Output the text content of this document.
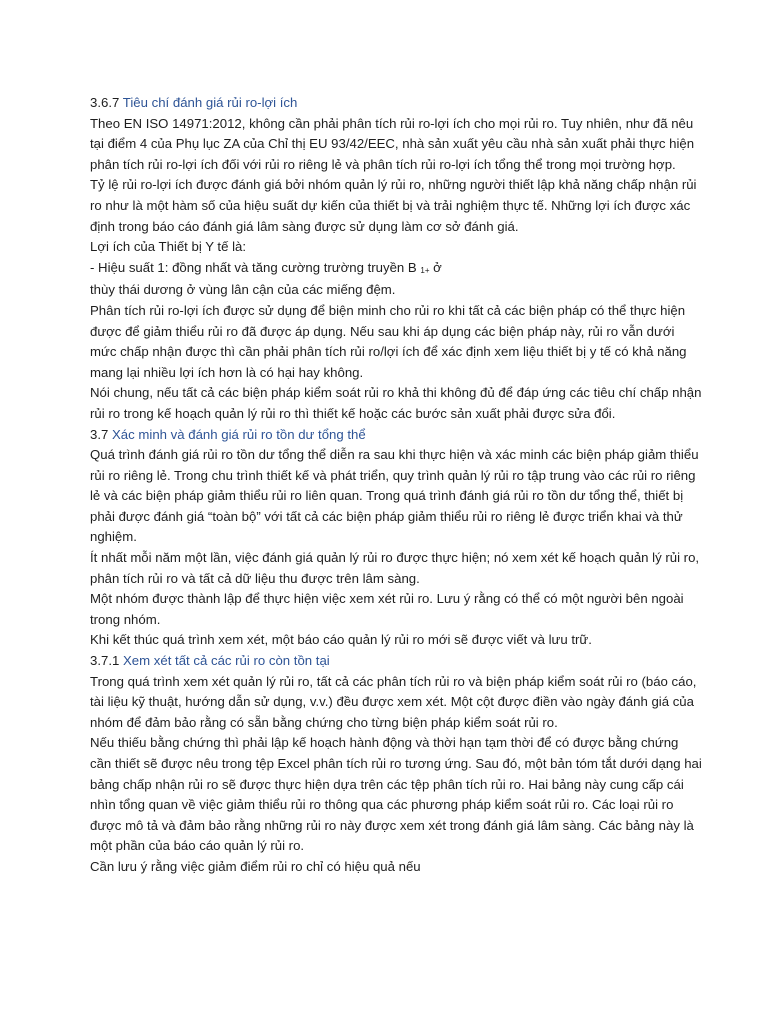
3.6.7 Tiêu chí đánh giá rủi ro-lợi ích

Theo EN ISO 14971:2012, không cần phải phân tích rủi ro-lợi ích cho mọi rủi ro. Tuy nhiên, như đã nêu tại điểm 4 của Phụ lục ZA của Chỉ thị EU 93/42/EEC, nhà sản xuất yêu cầu nhà sản xuất phải thực hiện phân tích rủi ro-lợi ích đối với rủi ro riêng lẻ và phân tích rủi ro-lợi ích tổng thể trong mọi trường hợp.

Tỷ lệ rủi ro-lợi ích được đánh giá bởi nhóm quản lý rủi ro, những người thiết lập khả năng chấp nhận rủi ro như là một hàm số của hiệu suất dự kiến của thiết bị và trải nghiệm thực tế. Những lợi ích được xác định trong báo cáo đánh giá lâm sàng được sử dụng làm cơ sở đánh giá.

Lợi ích của Thiết bị Y tế là:

- Hiệu suất 1: đồng nhất và tăng cường trường truyền B 1+ ở

thùy thái dương ở vùng lân cận của các miếng đệm.

Phân tích rủi ro-lợi ích được sử dụng để biện minh cho rủi ro khi tất cả các biện pháp có thể thực hiện được để giảm thiểu rủi ro đã được áp dụng. Nếu sau khi áp dụng các biện pháp này, rủi ro vẫn dưới mức chấp nhận được thì cần phải phân tích rủi ro/lợi ích để xác định xem liệu thiết bị y tế có khả năng mang lại nhiều lợi ích hơn là có hại hay không.

Nói chung, nếu tất cả các biện pháp kiểm soát rủi ro khả thi không đủ để đáp ứng các tiêu chí chấp nhận rủi ro trong kế hoạch quản lý rủi ro thì thiết kế hoặc các bước sản xuất phải được sửa đổi.

3.7 Xác minh và đánh giá rủi ro tồn dư tổng thể

Quá trình đánh giá rủi ro tồn dư tổng thể diễn ra sau khi thực hiện và xác minh các biện pháp giảm thiểu rủi ro riêng lẻ. Trong chu trình thiết kế và phát triển, quy trình quản lý rủi ro tập trung vào các rủi ro riêng lẻ và các biện pháp giảm thiểu rủi ro liên quan. Trong quá trình đánh giá rủi ro tồn dư tổng thể, thiết bị phải được đánh giá “toàn bộ” với tất cả các biện pháp giảm thiểu rủi ro riêng lẻ được triển khai và thử nghiệm.

Ít nhất mỗi năm một lần, việc đánh giá quản lý rủi ro được thực hiện; nó xem xét kế hoạch quản lý rủi ro, phân tích rủi ro và tất cả dữ liệu thu được trên lâm sàng.

Một nhóm được thành lập để thực hiện việc xem xét rủi ro. Lưu ý rằng có thể có một người bên ngoài trong nhóm.

Khi kết thúc quá trình xem xét, một báo cáo quản lý rủi ro mới sẽ được viết và lưu trữ.

3.7.1 Xem xét tất cả các rủi ro còn tồn tại

Trong quá trình xem xét quản lý rủi ro, tất cả các phân tích rủi ro và biện pháp kiểm soát rủi ro (báo cáo, tài liệu kỹ thuật, hướng dẫn sử dụng, v.v.) đều được xem xét. Một cột được điền vào ngày đánh giá của nhóm để đảm bảo rằng có sẵn bằng chứng cho từng biện pháp kiểm soát rủi ro.

Nếu thiếu bằng chứng thì phải lập kế hoạch hành động và thời hạn tạm thời để có được bằng chứng cần thiết sẽ được nêu trong tệp Excel phân tích rủi ro tương ứng. Sau đó, một bản tóm tắt dưới dạng hai bảng chấp nhận rủi ro sẽ được thực hiện dựa trên các tệp phân tích rủi ro. Hai bảng này cung cấp cái nhìn tổng quan về việc giảm thiểu rủi ro thông qua các phương pháp kiểm soát rủi ro. Các loại rủi ro được mô tả và đảm bảo rằng những rủi ro này được xem xét trong đánh giá lâm sàng. Các bảng này là một phần của báo cáo quản lý rủi ro.

Cần lưu ý rằng việc giảm điểm rủi ro chỉ có hiệu quả nếu
